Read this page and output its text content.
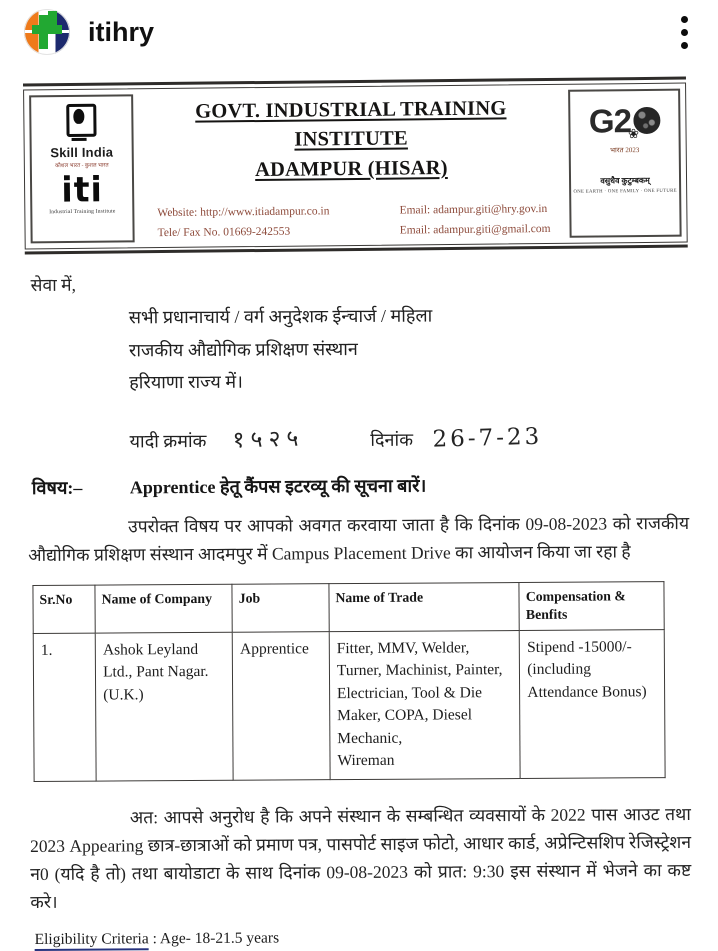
itihry
Skill India
कौशल भारत - कुशल भारत
iti
Industrial Training Institute
GOVT. INDUSTRIAL TRAINING INSTITUTE
ADAMPUR (HISAR)
Website: http://www.itiadampur.co.in
Tele/ Fax No. 01669-242553
Email: adampur.giti@hry.gov.in
Email: adampur.giti@gmail.com
G2
❀
भारत 2023
वसुधैव कुटुम्बकम्
ONE EARTH · ONE FAMILY · ONE FUTURE
सेवा में,
सभी प्रधानाचार्य / वर्ग अनुदेशक ईन्चार्ज / महिला
राजकीय औद्योगिक प्रशिक्षण संस्थान
हरियाणा राज्य में।
यादी क्रमांक १५२५	दिनांक 26-7-23
विषय:–	Apprentice हेतू कैंपस इटरव्यू की सूचना बारें।

उपरोक्त विषय पर आपको अवगत करवाया जाता है कि दिनांक 09-08-2023 को राजकीय औद्योगिक प्रशिक्षण संस्थान आदमपुर में Campus Placement Drive का आयोजन किया जा रहा है

Sr.No	Name of Company	Job	Name of Trade	Compensation & Benfits
1.	Ashok Leyland
Ltd., Pant Nagar.
(U.K.)	Apprentice	Fitter, MMV, Welder,
Turner, Machinist, Painter,
Electrician, Tool & Die
Maker, COPA, Diesel
Mechanic,
Wireman	Stipend -15000/-
(including
Attendance Bonus)

अत: आपसे अनुरोध है कि अपने संस्थान के सम्बन्धित व्यवसायों के 2022 पास आउट तथा 2023 Appearing छात्र-छात्राओं को प्रमाण पत्र, पासपोर्ट साइज फोटो, आधार कार्ड, अप्रेन्टिसशिप रेजिस्ट्रेशन न0 (यदि है तो) तथा बायोडाटा के साथ दिनांक 09-08-2023 को प्रात: 9:30 इस संस्थान में भेजने का कष्ट करे।

Eligibility Criteria : Age- 18-21.5 years
